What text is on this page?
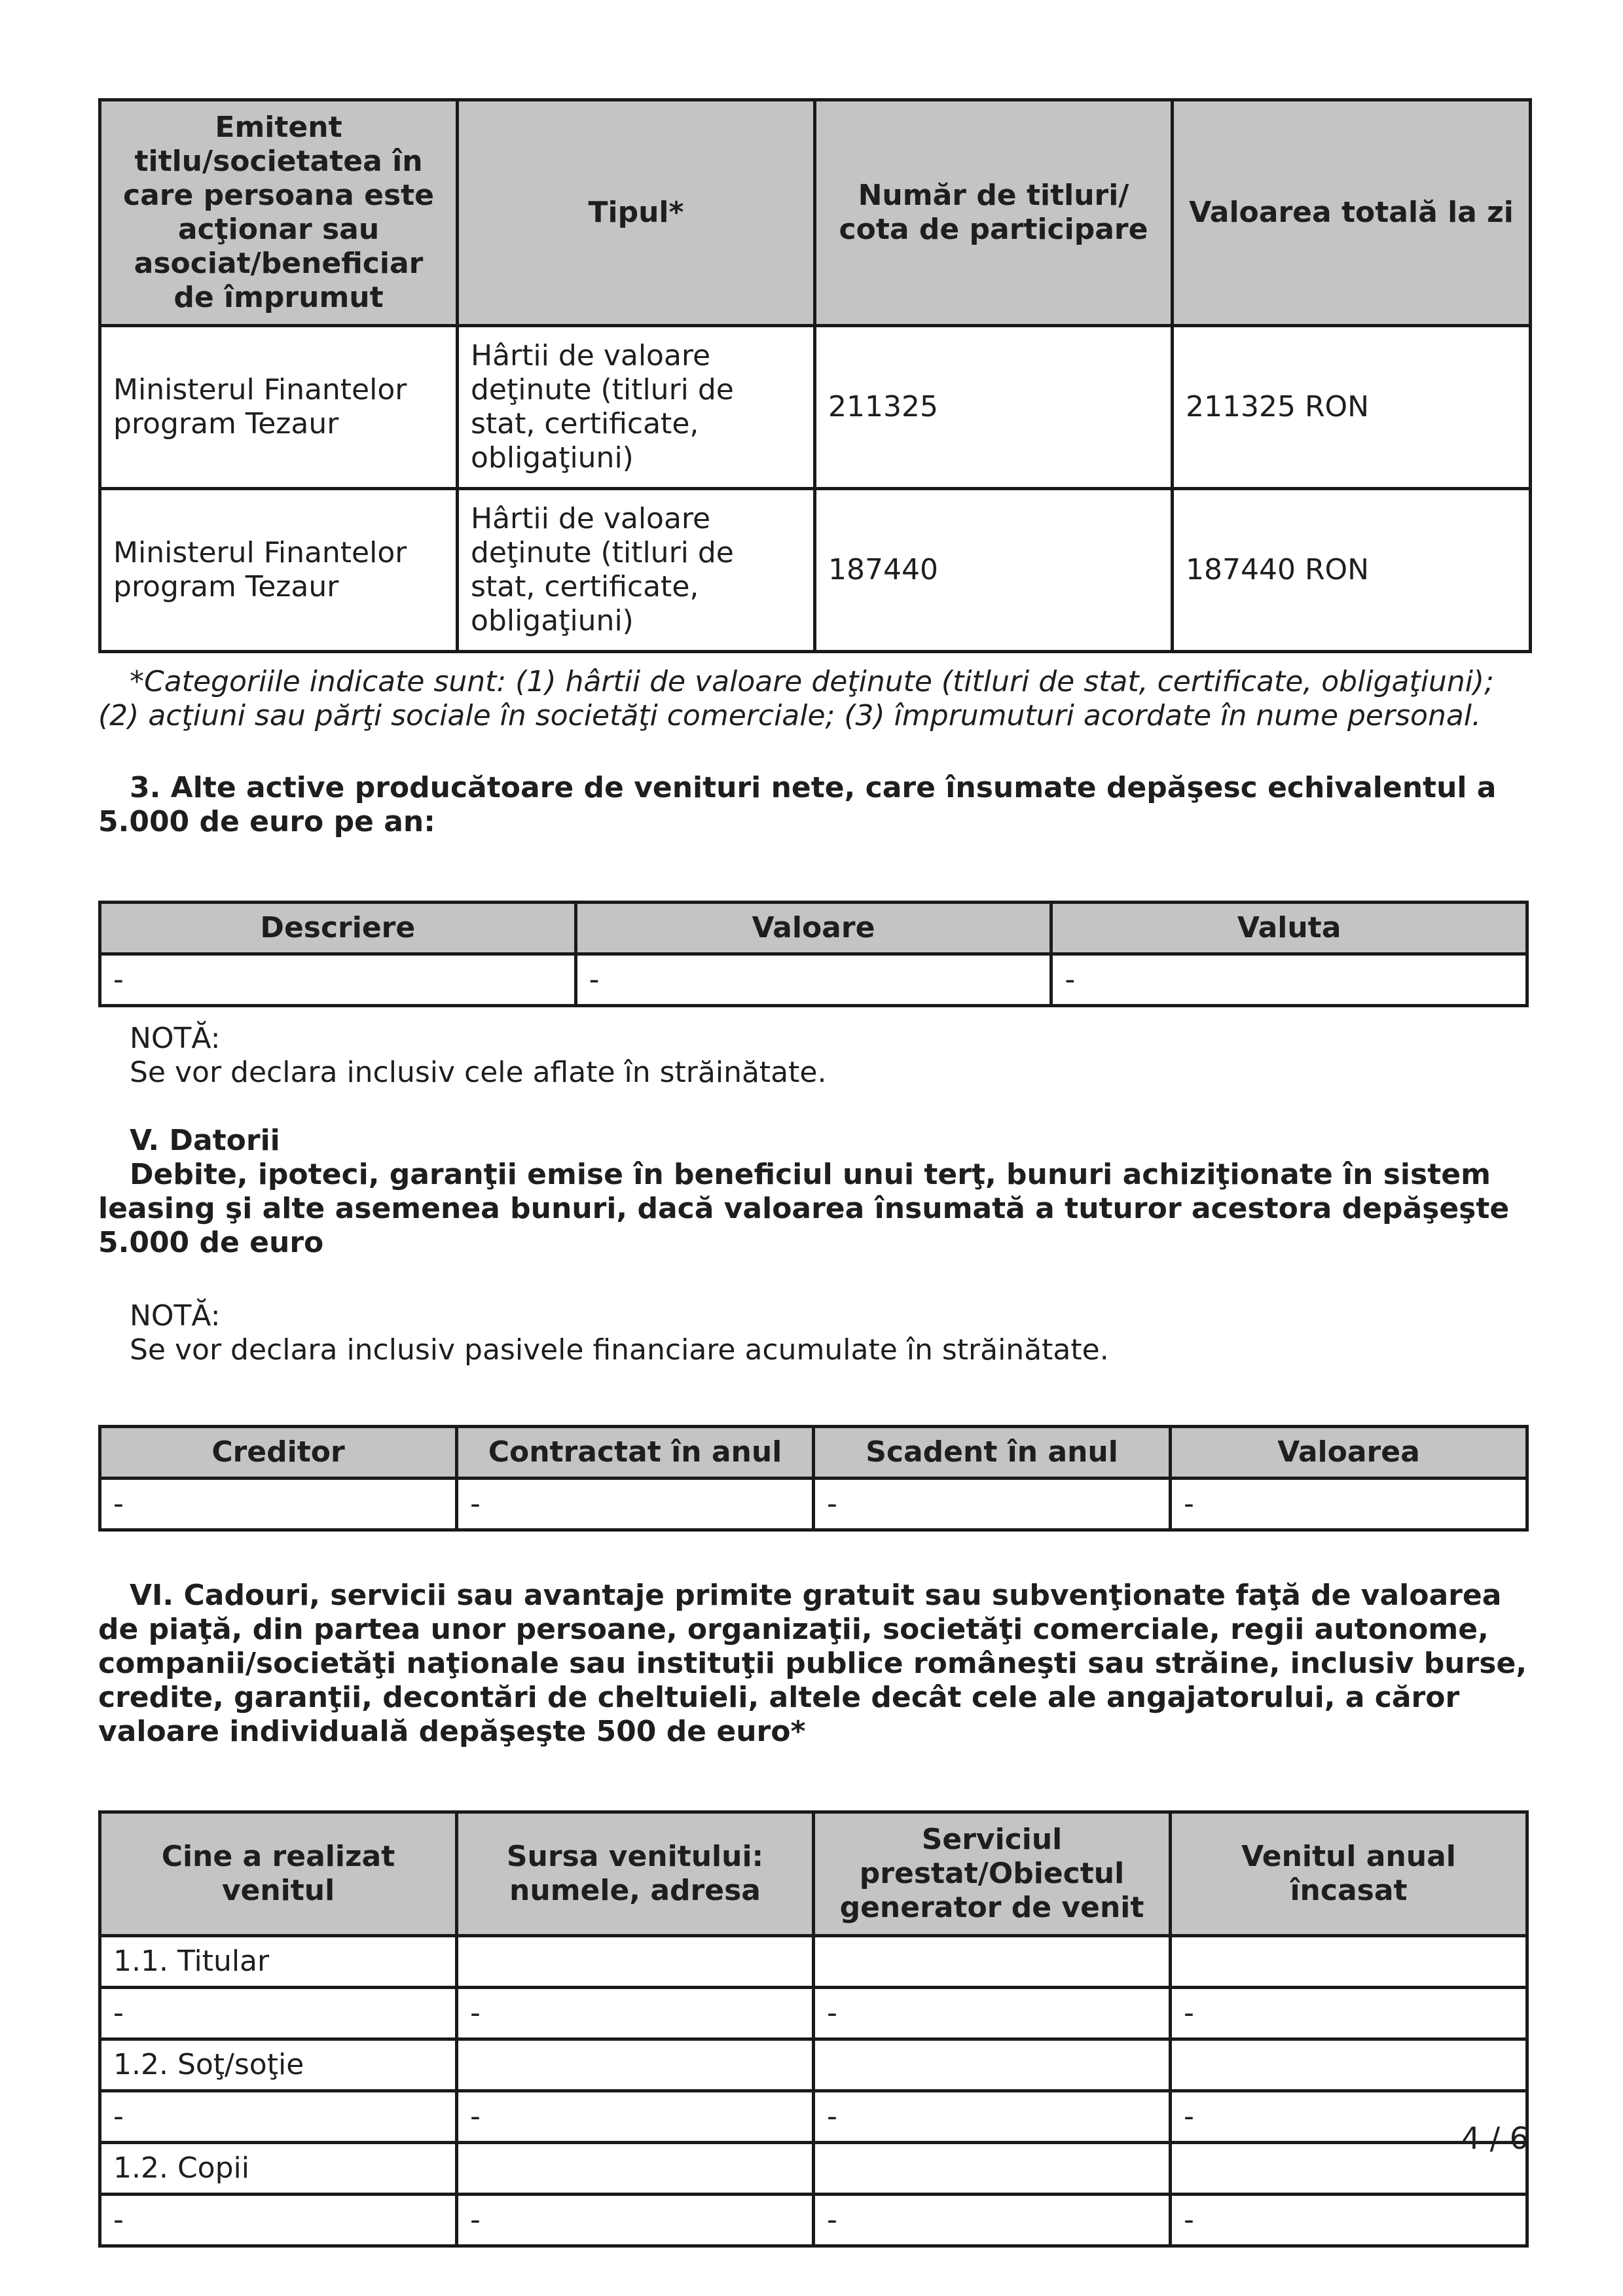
Emitent titlu/societatea în care persoana este acţionar sau asociat/beneficiar de împrumut	Tipul*	Număr de titluri/ cota de participare	Valoarea totală la zi
Ministerul Finantelor program Tezaur	Hârtii de valoare deţinute (titluri de stat, certificate, obligaţiuni)	211325	211325 RON
Ministerul Finantelor program Tezaur	Hârtii de valoare deţinute (titluri de stat, certificate, obligaţiuni)	187440	187440 RON

*Categoriile indicate sunt: (1) hârtii de valoare deţinute (titluri de stat, certificate, obligaţiuni); (2) acţiuni sau părţi sociale în societăţi comerciale; (3) împrumuturi acordate în nume personal.

3. Alte active producătoare de venituri nete, care însumate depăşesc echivalentul a 5.000 de euro pe an:

Descriere	Valoare	Valuta
-	-	-

NOTĂ:

Se vor declara inclusiv cele aflate în străinătate.

V. Datorii

Debite, ipoteci, garanţii emise în beneficiul unui terţ, bunuri achiziţionate în sistem leasing şi alte asemenea bunuri, dacă valoarea însumată a tuturor acestora depăşeşte 5.000 de euro

NOTĂ:

Se vor declara inclusiv pasivele financiare acumulate în străinătate.

Creditor	Contractat în anul	Scadent în anul	Valoarea
-	-	-	-

VI. Cadouri, servicii sau avantaje primite gratuit sau subvenţionate faţă de valoarea de piaţă, din partea unor persoane, organizaţii, societăţi comerciale, regii autonome, companii/societăţi naţionale sau instituţii publice româneşti sau străine, inclusiv burse, credite, garanţii, decontări de cheltuieli, altele decât cele ale angajatorului, a căror valoare individuală depăşeşte 500 de euro*

Cine a realizat venitul	Sursa venitului: numele, adresa	Serviciul prestat/Obiectul generator de venit	Venitul anual încasat
1.1. Titular			
-	-	-	-
1.2. Soţ/soţie			
-	-	-	-
1.2. Copii			
-	-	-	-
4 / 6
